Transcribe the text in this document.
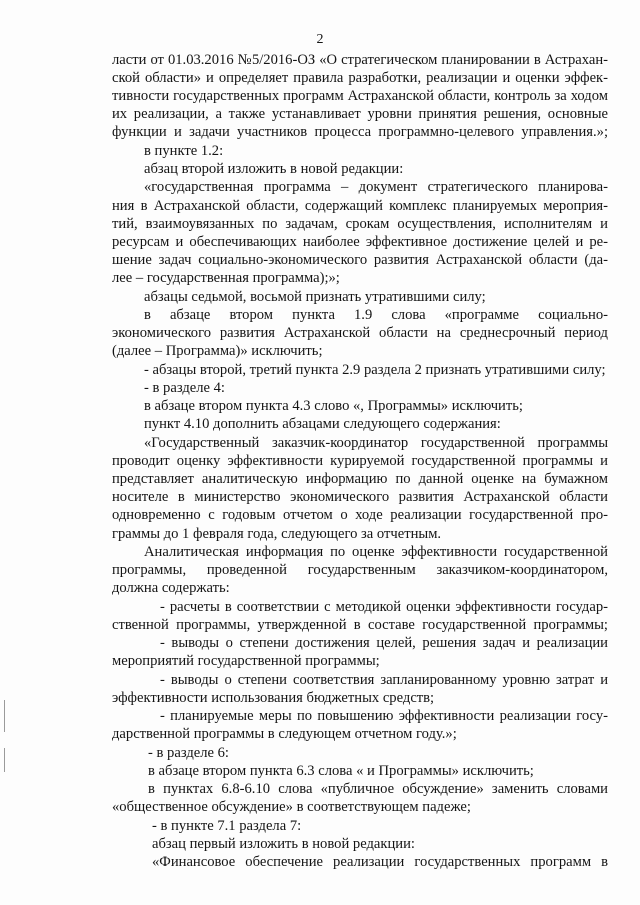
2
ласти от 01.03.2016 №5/2016-ОЗ «О стратегическом планировании в Астрахан-
ской области» и определяет правила разработки, реализации и оценки эффек-
тивности государственных программ Астраханской области, контроль за ходом
их реализации, а также устанавливает уровни принятия решения, основные
функции и задачи участников процесса программно-целевого управления.»;
в пункте 1.2:
абзац второй изложить в новой редакции:
«государственная программа – документ стратегического планирова-
ния в Астраханской области, содержащий комплекс планируемых мероприя-
тий, взаимоувязанных по задачам, срокам осуществления, исполнителям и
ресурсам и обеспечивающих наиболее эффективное достижение целей и ре-
шение задач социально-экономического развития Астраханской области (да-
лее – государственная программа);»;
абзацы седьмой, восьмой признать утратившими силу;
в абзаце втором пункта 1.9 слова «программе социально-
экономического развития Астраханской области на среднесрочный период
(далее – Программа)» исключить;
- абзацы второй, третий пункта 2.9 раздела 2 признать утратившими силу;
- в разделе 4:
в абзаце втором пункта 4.3 слово «, Программы» исключить;
пункт 4.10 дополнить абзацами следующего содержания:
«Государственный заказчик-координатор государственной программы
проводит оценку эффективности курируемой государственной программы и
представляет аналитическую информацию по данной оценке на бумажном
носителе в министерство экономического развития Астраханской области
одновременно с годовым отчетом о ходе реализации государственной про-
граммы до 1 февраля года, следующего за отчетным.
Аналитическая информация по оценке эффективности государственной
программы, проведенной государственным заказчиком-координатором,
должна содержать:
- расчеты в соответствии с методикой оценки эффективности государ-
ственной программы, утвержденной в составе государственной программы;
- выводы о степени достижения целей, решения задач и реализации
мероприятий государственной программы;
- выводы о степени соответствия запланированному уровню затрат и
эффективности использования бюджетных средств;
- планируемые меры по повышению эффективности реализации госу-
дарственной программы в следующем отчетном году.»;
- в разделе 6:
в абзаце втором пункта 6.3 слова « и Программы» исключить;
в пунктах 6.8-6.10 слова «публичное обсуждение» заменить словами
«общественное обсуждение» в соответствующем падеже;
- в пункте 7.1 раздела 7:
абзац первый изложить в новой редакции:
«Финансовое обеспечение реализации государственных программ в
